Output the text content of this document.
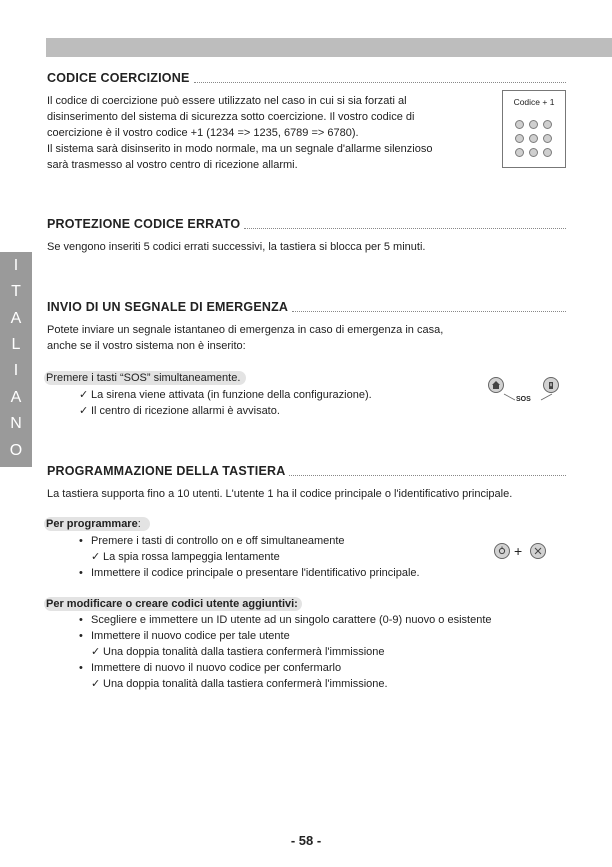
I
T
A
L
I
A
N
O
CODICE COERCIZIONE
Il codice di coercizione può essere utilizzato nel caso in cui si sia forzati al
disinserimento del sistema di sicurezza sotto coercizione. Il vostro codice di
coercizione è il vostro codice +1 (1234 => 1235, 6789 => 6780).
Il sistema sarà disinserito in modo normale, ma un segnale d'allarme silenzioso
sarà trasmesso al vostro centro di ricezione allarmi.
Codice + 1
PROTEZIONE CODICE ERRATO
Se vengono inseriti 5 codici errati successivi, la tastiera si blocca per 5 minuti.
INVIO DI UN SEGNALE DI EMERGENZA
Potete inviare un segnale istantaneo di emergenza in caso di emergenza in casa,
anche se il vostro sistema non è inserito:
Premere i tasti “SOS” simultaneamente.
✓ La sirena viene attivata (in funzione della configurazione).
✓ Il centro di ricezione allarmi è avvisato.
SOS
PROGRAMMAZIONE DELLA TASTIERA
La tastiera supporta fino a 10 utenti. L'utente 1 ha il codice principale o l'identificativo principale.
Per programmare:
• Premere i tasti di controllo on e off simultaneamente
✓ La spia rossa lampeggia lentamente
• Immettere il codice principale o presentare l'identificativo principale.
+
Per modificare o creare codici utente aggiuntivi:
• Scegliere e immettere un ID utente ad un singolo carattere (0-9) nuovo o esistente
• Immettere il nuovo codice per tale utente
✓ Una doppia tonalità dalla tastiera confermerà l'immissione
• Immettere di nuovo il nuovo codice per confermarlo
✓ Una doppia tonalità dalla tastiera confermerà l'immissione.
- 58 -
